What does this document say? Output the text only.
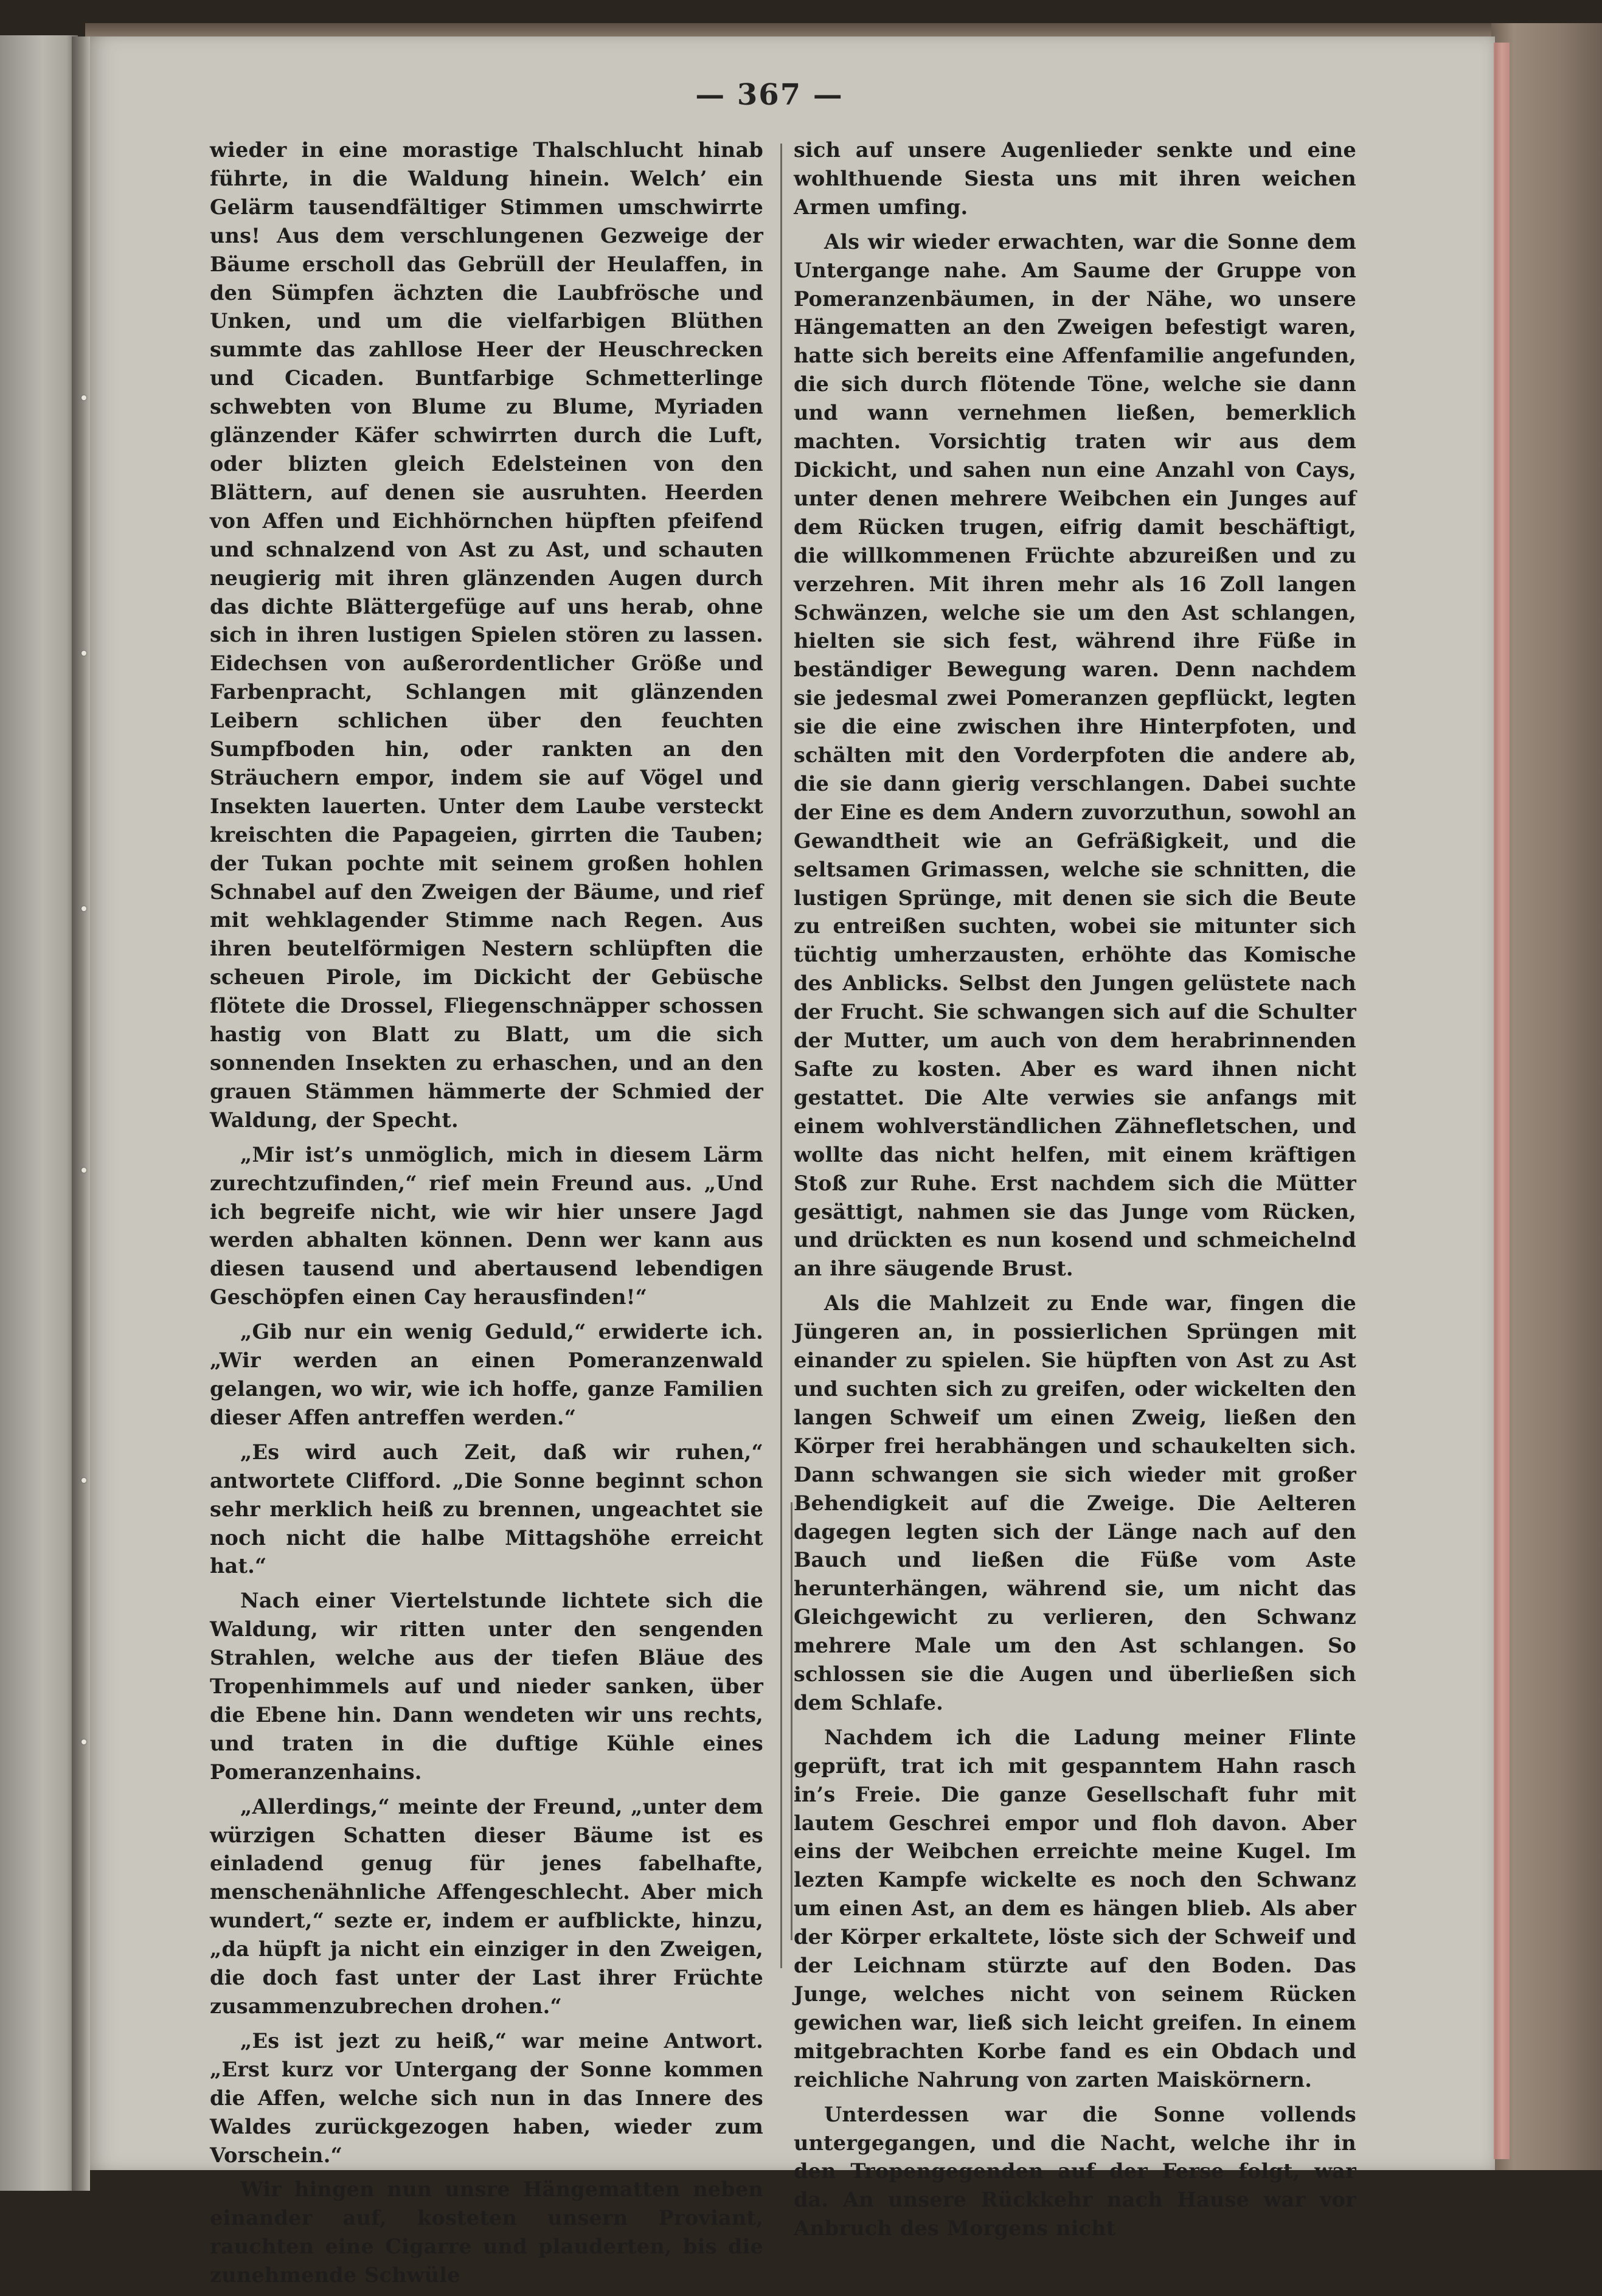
— 367 —

wieder in eine morastige Thalschlucht hinab führte, in die Waldung hinein. Welch’ ein Gelärm tausendfältiger Stimmen umschwirrte uns! Aus dem verschlungenen Gezweige der Bäume erscholl das Gebrüll der Heulaffen, in den Sümpfen ächzten die Laubfrösche und Unken, und um die vielfarbigen Blüthen summte das zahllose Heer der Heuschrecken und Cicaden. Buntfarbige Schmetterlinge schwebten von Blume zu Blume, Myriaden glänzender Käfer schwirrten durch die Luft, oder blizten gleich Edelsteinen von den Blättern, auf denen sie ausruhten. Heerden von Affen und Eichhörnchen hüpften pfeifend und schnalzend von Ast zu Ast, und schauten neugierig mit ihren glänzenden Augen durch das dichte Blättergefüge auf uns herab, ohne sich in ihren lustigen Spielen stören zu lassen. Eidechsen von außerordentlicher Größe und Farbenpracht, Schlangen mit glänzenden Leibern schlichen über den feuchten Sumpfboden hin, oder rankten an den Sträuchern empor, indem sie auf Vögel und Insekten lauerten. Unter dem Laube versteckt kreischten die Papageien, girrten die Tauben; der Tukan pochte mit seinem großen hohlen Schnabel auf den Zweigen der Bäume, und rief mit wehklagender Stimme nach Regen. Aus ihren beutelförmigen Nestern schlüpften die scheuen Pirole, im Dickicht der Gebüsche flötete die Drossel, Fliegenschnäpper schossen hastig von Blatt zu Blatt, um die sich sonnenden Insekten zu erhaschen, und an den grauen Stämmen hämmerte der Schmied der Waldung, der Specht.

„Mir ist’s unmöglich, mich in diesem Lärm zurechtzufinden,“ rief mein Freund aus. „Und ich begreife nicht, wie wir hier unsere Jagd werden abhalten können. Denn wer kann aus diesen tausend und abertausend lebendigen Geschöpfen einen Cay herausfinden!“

„Gib nur ein wenig Geduld,“ erwiderte ich. „Wir werden an einen Pomeranzenwald gelangen, wo wir, wie ich hoffe, ganze Familien dieser Affen antreffen werden.“

„Es wird auch Zeit, daß wir ruhen,“ antwortete Clifford. „Die Sonne beginnt schon sehr merklich heiß zu brennen, ungeachtet sie noch nicht die halbe Mittagshöhe erreicht hat.“

Nach einer Viertelstunde lichtete sich die Waldung, wir ritten unter den sengenden Strahlen, welche aus der tiefen Bläue des Tropenhimmels auf und nieder sanken, über die Ebene hin. Dann wendeten wir uns rechts, und traten in die duftige Kühle eines Pomeranzenhains.

„Allerdings,“ meinte der Freund, „unter dem würzigen Schatten dieser Bäume ist es einladend genug für jenes fabelhafte, menschenähnliche Affengeschlecht. Aber mich wundert,“ sezte er, indem er aufblickte, hinzu, „da hüpft ja nicht ein einziger in den Zweigen, die doch fast unter der Last ihrer Früchte zusammenzubrechen drohen.“

„Es ist jezt zu heiß,“ war meine Antwort. „Erst kurz vor Untergang der Sonne kommen die Affen, welche sich nun in das Innere des Waldes zurückgezogen haben, wieder zum Vorschein.“

Wir hingen nun unsre Hängematten neben einander auf, kosteten unsern Proviant, rauchten eine Cigarre und plauderten, bis die zunehmende Schwüle

sich auf unsere Augenlieder senkte und eine wohlthuende Siesta uns mit ihren weichen Armen umfing.

Als wir wieder erwachten, war die Sonne dem Untergange nahe. Am Saume der Gruppe von Pomeranzenbäumen, in der Nähe, wo unsere Hängematten an den Zweigen befestigt waren, hatte sich bereits eine Affenfamilie angefunden, die sich durch flötende Töne, welche sie dann und wann vernehmen ließen, bemerklich machten. Vorsichtig traten wir aus dem Dickicht, und sahen nun eine Anzahl von Cays, unter denen mehrere Weibchen ein Junges auf dem Rücken trugen, eifrig damit beschäftigt, die willkommenen Früchte abzureißen und zu verzehren. Mit ihren mehr als 16 Zoll langen Schwänzen, welche sie um den Ast schlangen, hielten sie sich fest, während ihre Füße in beständiger Bewegung waren. Denn nachdem sie jedesmal zwei Pomeranzen gepflückt, legten sie die eine zwischen ihre Hinterpfoten, und schälten mit den Vorderpfoten die andere ab, die sie dann gierig verschlangen. Dabei suchte der Eine es dem Andern zuvorzuthun, sowohl an Gewandtheit wie an Gefräßigkeit, und die seltsamen Grimassen, welche sie schnitten, die lustigen Sprünge, mit denen sie sich die Beute zu entreißen suchten, wobei sie mitunter sich tüchtig umherzausten, erhöhte das Komische des Anblicks. Selbst den Jungen gelüstete nach der Frucht. Sie schwangen sich auf die Schulter der Mutter, um auch von dem herabrinnenden Safte zu kosten. Aber es ward ihnen nicht gestattet. Die Alte verwies sie anfangs mit einem wohlverständlichen Zähnefletschen, und wollte das nicht helfen, mit einem kräftigen Stoß zur Ruhe. Erst nachdem sich die Mütter gesättigt, nahmen sie das Junge vom Rücken, und drückten es nun kosend und schmeichelnd an ihre säugende Brust.

Als die Mahlzeit zu Ende war, fingen die Jüngeren an, in possierlichen Sprüngen mit einander zu spielen. Sie hüpften von Ast zu Ast und suchten sich zu greifen, oder wickelten den langen Schweif um einen Zweig, ließen den Körper frei herabhängen und schaukelten sich. Dann schwangen sie sich wieder mit großer Behendigkeit auf die Zweige. Die Aelteren dagegen legten sich der Länge nach auf den Bauch und ließen die Füße vom Aste herunterhängen, während sie, um nicht das Gleichgewicht zu verlieren, den Schwanz mehrere Male um den Ast schlangen. So schlossen sie die Augen und überließen sich dem Schlafe.

Nachdem ich die Ladung meiner Flinte geprüft, trat ich mit gespanntem Hahn rasch in’s Freie. Die ganze Gesellschaft fuhr mit lautem Geschrei empor und floh davon. Aber eins der Weibchen erreichte meine Kugel. Im lezten Kampfe wickelte es noch den Schwanz um einen Ast, an dem es hängen blieb. Als aber der Körper erkaltete, löste sich der Schweif und der Leichnam stürzte auf den Boden. Das Junge, welches nicht von seinem Rücken gewichen war, ließ sich leicht greifen. In einem mitgebrachten Korbe fand es ein Obdach und reichliche Nahrung von zarten Maiskörnern.

Unterdessen war die Sonne vollends untergegangen, und die Nacht, welche ihr in den Tropengegenden auf der Ferse folgt, war da. An unsere Rückkehr nach Hause war vor Anbruch des Morgens nicht
